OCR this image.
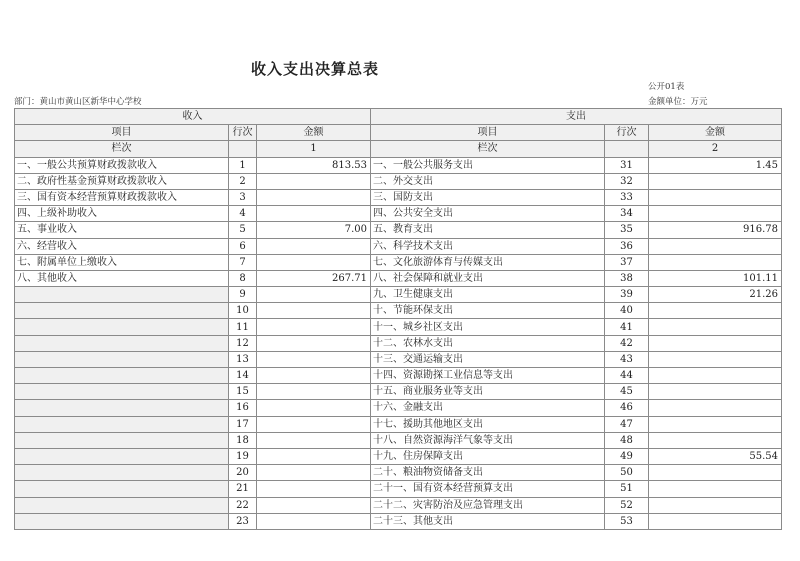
收入支出决算总表
公开01表
部门：黄山市黄山区新华中心学校	金额单位：万元
收入			支出		
项目	行次	金额	项目	行次	金额
栏次		1	栏次		2
一、一般公共预算财政拨款收入	1	813.53	一、一般公共服务支出	31	1.45
二、政府性基金预算财政拨款收入	2		二、外交支出	32	
三、国有资本经营预算财政拨款收入	3		三、国防支出	33	
四、上级补助收入	4		四、公共安全支出	34	
五、事业收入	5	7.00	五、教育支出	35	916.78
六、经营收入	6		六、科学技术支出	36	
七、附属单位上缴收入	7		七、文化旅游体育与传媒支出	37	
八、其他收入	8	267.71	八、社会保障和就业支出	38	101.11
	9		九、卫生健康支出	39	21.26
	10		十、节能环保支出	40	
	11		十一、城乡社区支出	41	
	12		十二、农林水支出	42	
	13		十三、交通运输支出	43	
	14		十四、资源勘探工业信息等支出	44	
	15		十五、商业服务业等支出	45	
	16		十六、金融支出	46	
	17		十七、援助其他地区支出	47	
	18		十八、自然资源海洋气象等支出	48	
	19		十九、住房保障支出	49	55.54
	20		二十、粮油物资储备支出	50	
	21		二十一、国有资本经营预算支出	51	
	22		二十二、灾害防治及应急管理支出	52	
	23		二十三、其他支出	53	
